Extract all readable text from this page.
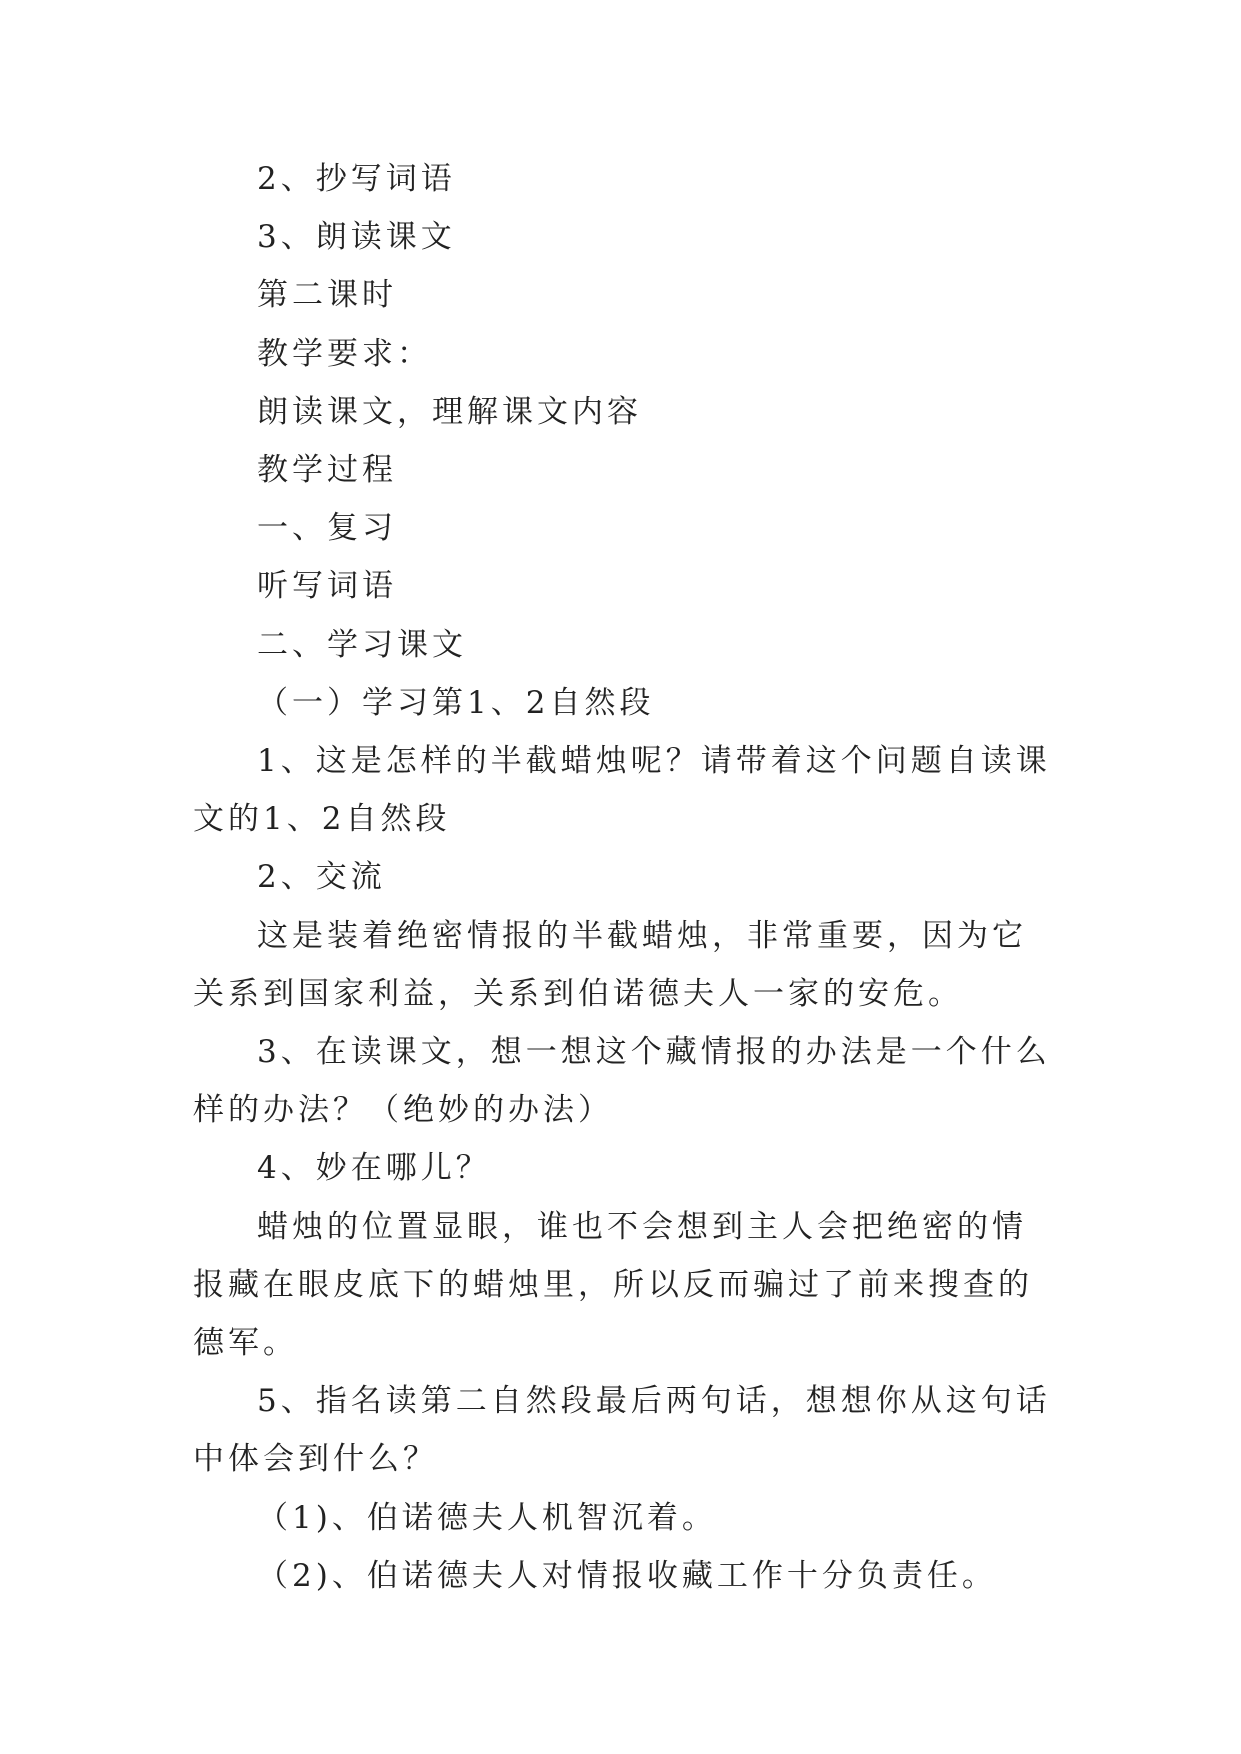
2、抄写词语

3、朗读课文

第二课时

教学要求：

朗读课文，理解课文内容

教学过程

一、复习

听写词语

二、学习课文

（一）学习第1、2自然段

1、这是怎样的半截蜡烛呢？请带着这个问题自读课文的1、2自然段

2、交流

这是装着绝密情报的半截蜡烛，非常重要，因为它关系到国家利益，关系到伯诺德夫人一家的安危。

3、在读课文，想一想这个藏情报的办法是一个什么样的办法？（绝妙的办法）

4、妙在哪儿？

蜡烛的位置显眼，谁也不会想到主人会把绝密的情报藏在眼皮底下的蜡烛里，所以反而骗过了前来搜查的德军。

5、指名读第二自然段最后两句话，想想你从这句话中体会到什么？

（1)、伯诺德夫人机智沉着。

（2)、伯诺德夫人对情报收藏工作十分负责任。
